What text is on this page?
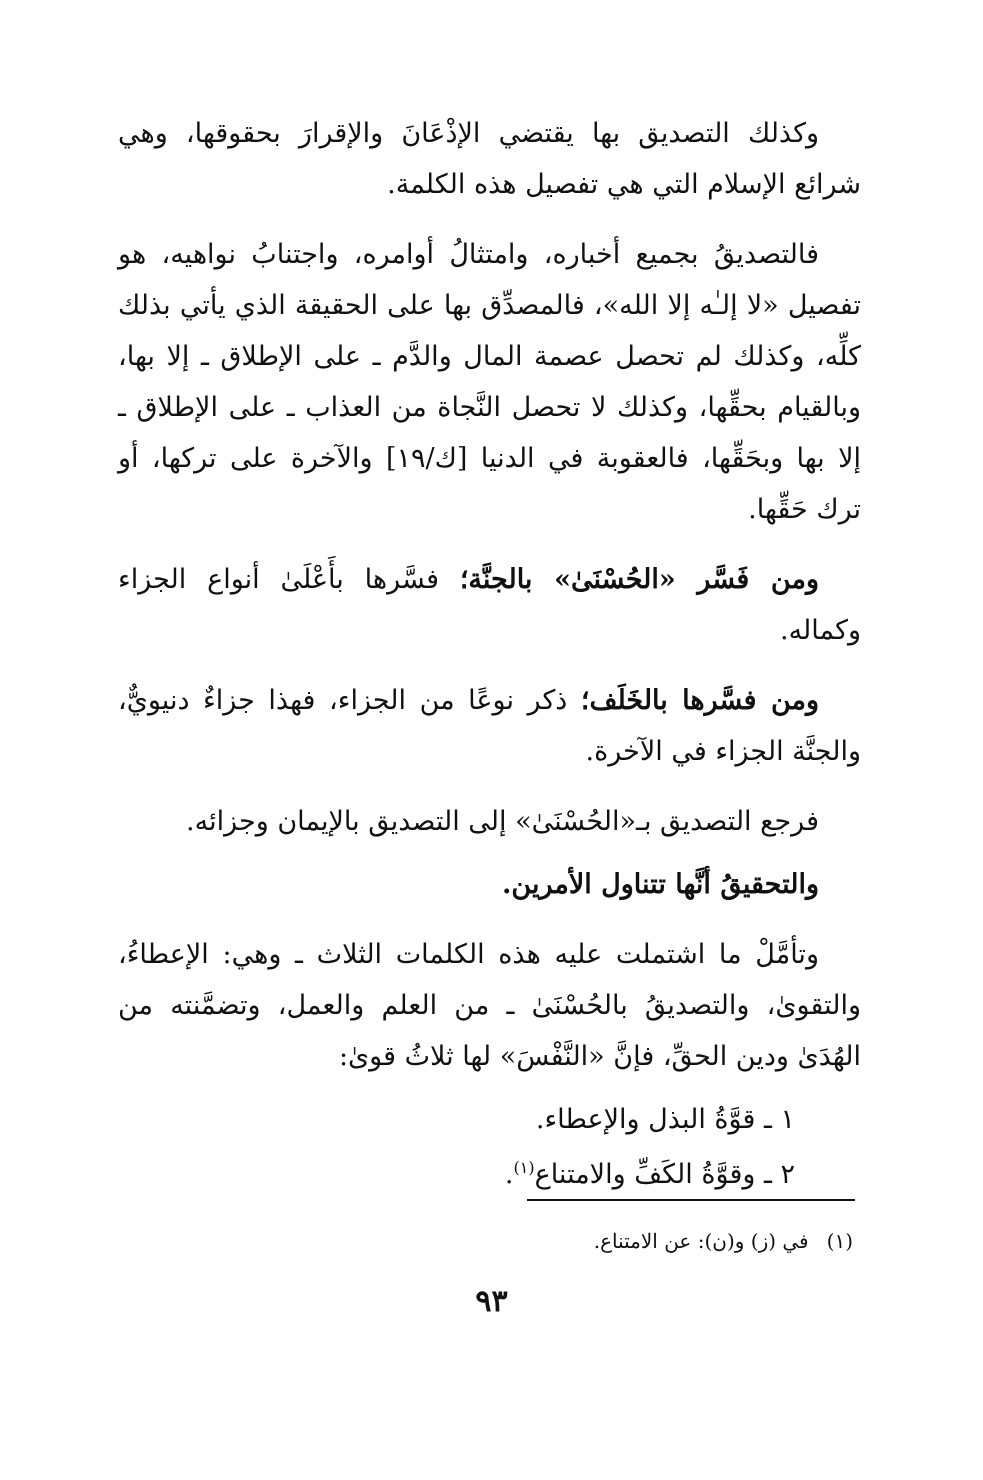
وكذلك التصديق بها يقتضي الإذْعَانَ والإقرارَ بحقوقها، وهي شرائع الإسلام التي هي تفصيل هذه الكلمة.

فالتصديقُ بجميع أخباره، وامتثالُ أوامره، واجتنابُ نواهيه، هو تفصيل «لا إلـٰه إلا الله»، فالمصدِّق بها على الحقيقة الذي يأتي بذلك كلِّه، وكذلك لم تحصل عصمة المال والدَّم ـ على الإطلاق ـ إلا بها، وبالقيام بحقِّها، وكذلك لا تحصل النَّجاة من العذاب ـ على الإطلاق ـ إلا بها وبحَقِّها، فالعقوبة في الدنيا [ك/١٩] والآخرة على تركها، أو ترك حَقِّها.

ومن فَسَّر «الحُسْنَىٰ» بالجنَّة؛ فسَّرها بأَعْلَىٰ أنواع الجزاء وكماله.

ومن فسَّرها بالخَلَف؛ ذكر نوعًا من الجزاء، فهذا جزاءٌ دنيويٌّ، والجنَّة الجزاء في الآخرة.

فرجع التصديق بـ«الحُسْنَىٰ» إلى التصديق بالإيمان وجزائه.

والتحقيقُ أنَّها تتناول الأمرين.

وتأمَّلْ ما اشتملت عليه هذه الكلمات الثلاث ـ وهي: الإعطاءُ، والتقوىٰ، والتصديقُ بالحُسْنَىٰ ـ من العلم والعمل، وتضمَّنته من الهُدَىٰ ودين الحقِّ، فإنَّ «النَّفْسَ» لها ثلاثُ قوىٰ:

١ ـ قوَّةُ البذل والإعطاء.

٢ ـ وقوَّةُ الكَفِّ والامتناع$^{(١)}$.

(١)في (ز) و(ن): عن الامتناع.
٩٣
